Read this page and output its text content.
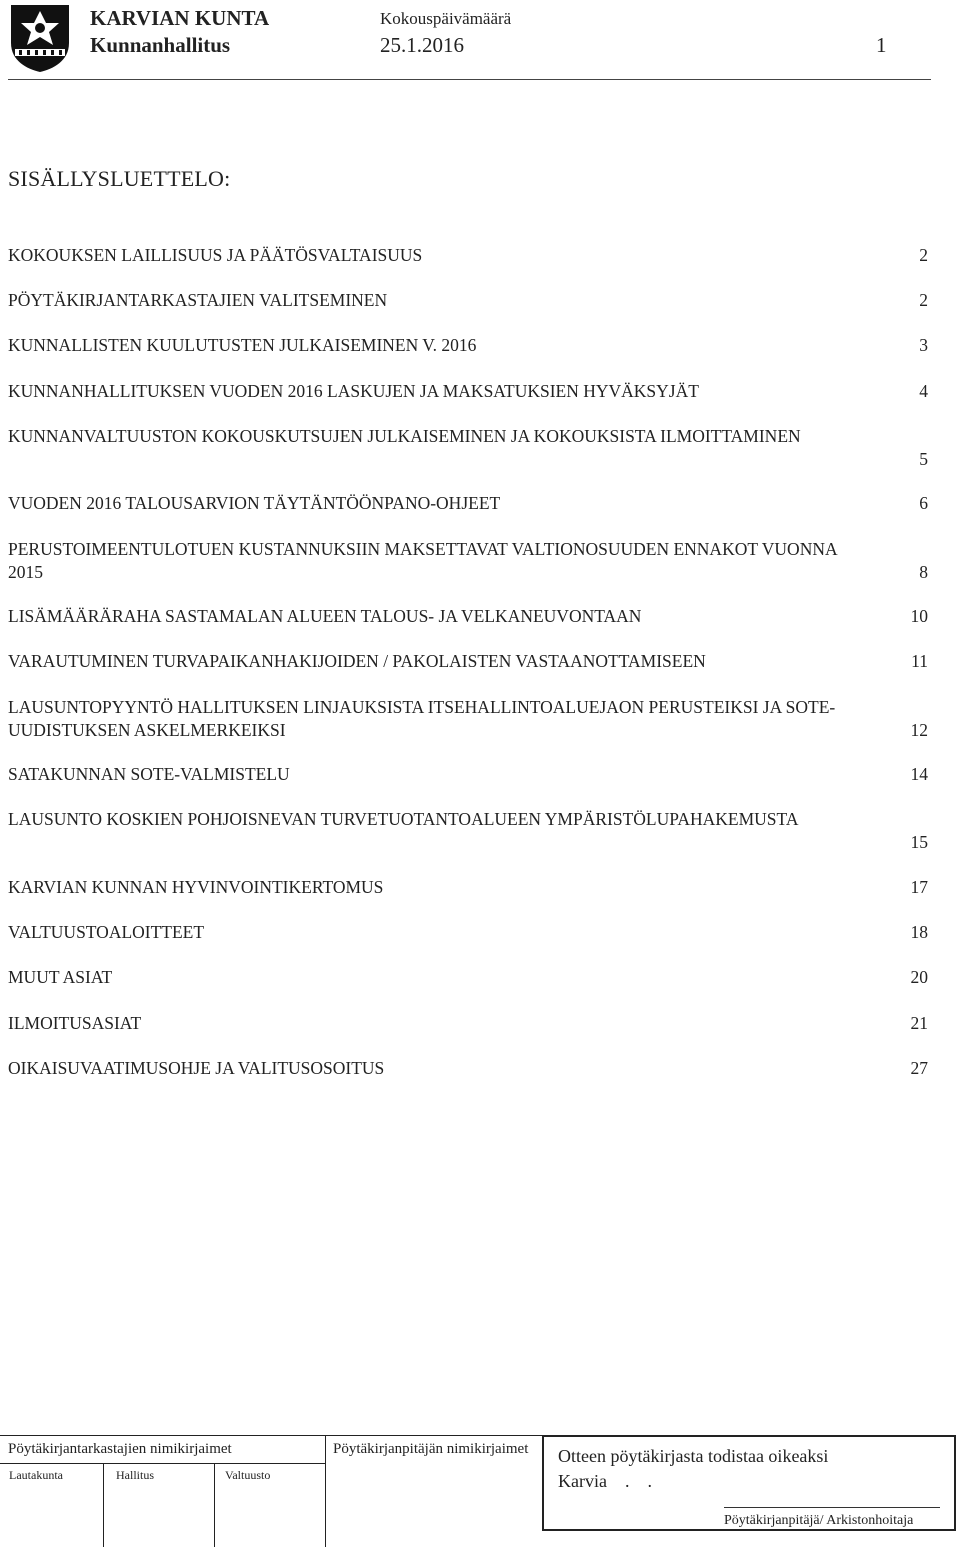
KARVIAN KUNTA
Kunnanhallitus
Kokouspäivämäärä
25.1.2016	1
SISÄLLYSLUETTELO:
KOKOUKSEN LAILLISUUS JA PÄÄTÖSVALTAISUUS	2
PÖYTÄKIRJANTARKASTAJIEN VALITSEMINEN	2
KUNNALLISTEN KUULUTUSTEN JULKAISEMINEN V. 2016	3
KUNNANHALLITUKSEN VUODEN 2016 LASKUJEN JA MAKSATUKSIEN HYVÄKSYJÄT	4
KUNNANVALTUUSTON KOKOUSKUTSUJEN JULKAISEMINEN JA KOKOUKSISTA ILMOITTAMINEN
5
VUODEN 2016 TALOUSARVION TÄYTÄNTÖÖNPANO-OHJEET	6
PERUSTOIMEENTULOTUEN KUSTANNUKSIIN MAKSETTAVAT VALTIONOSUUDEN ENNAKOT VUONNA 2015	8
LISÄMÄÄRÄRAHA SASTAMALAN ALUEEN TALOUS- JA VELKANEUVONTAAN	10
VARAUTUMINEN TURVAPAIKANHAKIJOIDEN / PAKOLAISTEN VASTAANOTTAMISEEN	11
LAUSUNTOPYYNTÖ HALLITUKSEN LINJAUKSISTA ITSEHALLINTOALUEJAON PERUSTEIKSI JA SOTE-UUDISTUKSEN ASKELMERKEIKSI	12
SATAKUNNAN SOTE-VALMISTELU	14
LAUSUNTO KOSKIEN POHJOISNEVAN TURVETUOTANTOALUEEN YMPÄRISTÖLUPAHAKEMUSTA
15
KARVIAN KUNNAN HYVINVOINTIKERTOMUS	17
VALTUUSTOALOITTEET	18
MUUT ASIAT	20
ILMOITUSASIAT	21
OIKAISUVAATIMUSOHJE JA VALITUSOSOITUS	27
Pöytäkirjantarkastajien nimikirjaimet	Pöytäkirjanpitäjän nimikirjaimet
Lautakunta	Hallitus	Valtuusto
Otteen pöytäkirjasta todistaa oikeaksi
Karvia    .    .
Pöytäkirjanpitäjä/ Arkistonhoitaja
